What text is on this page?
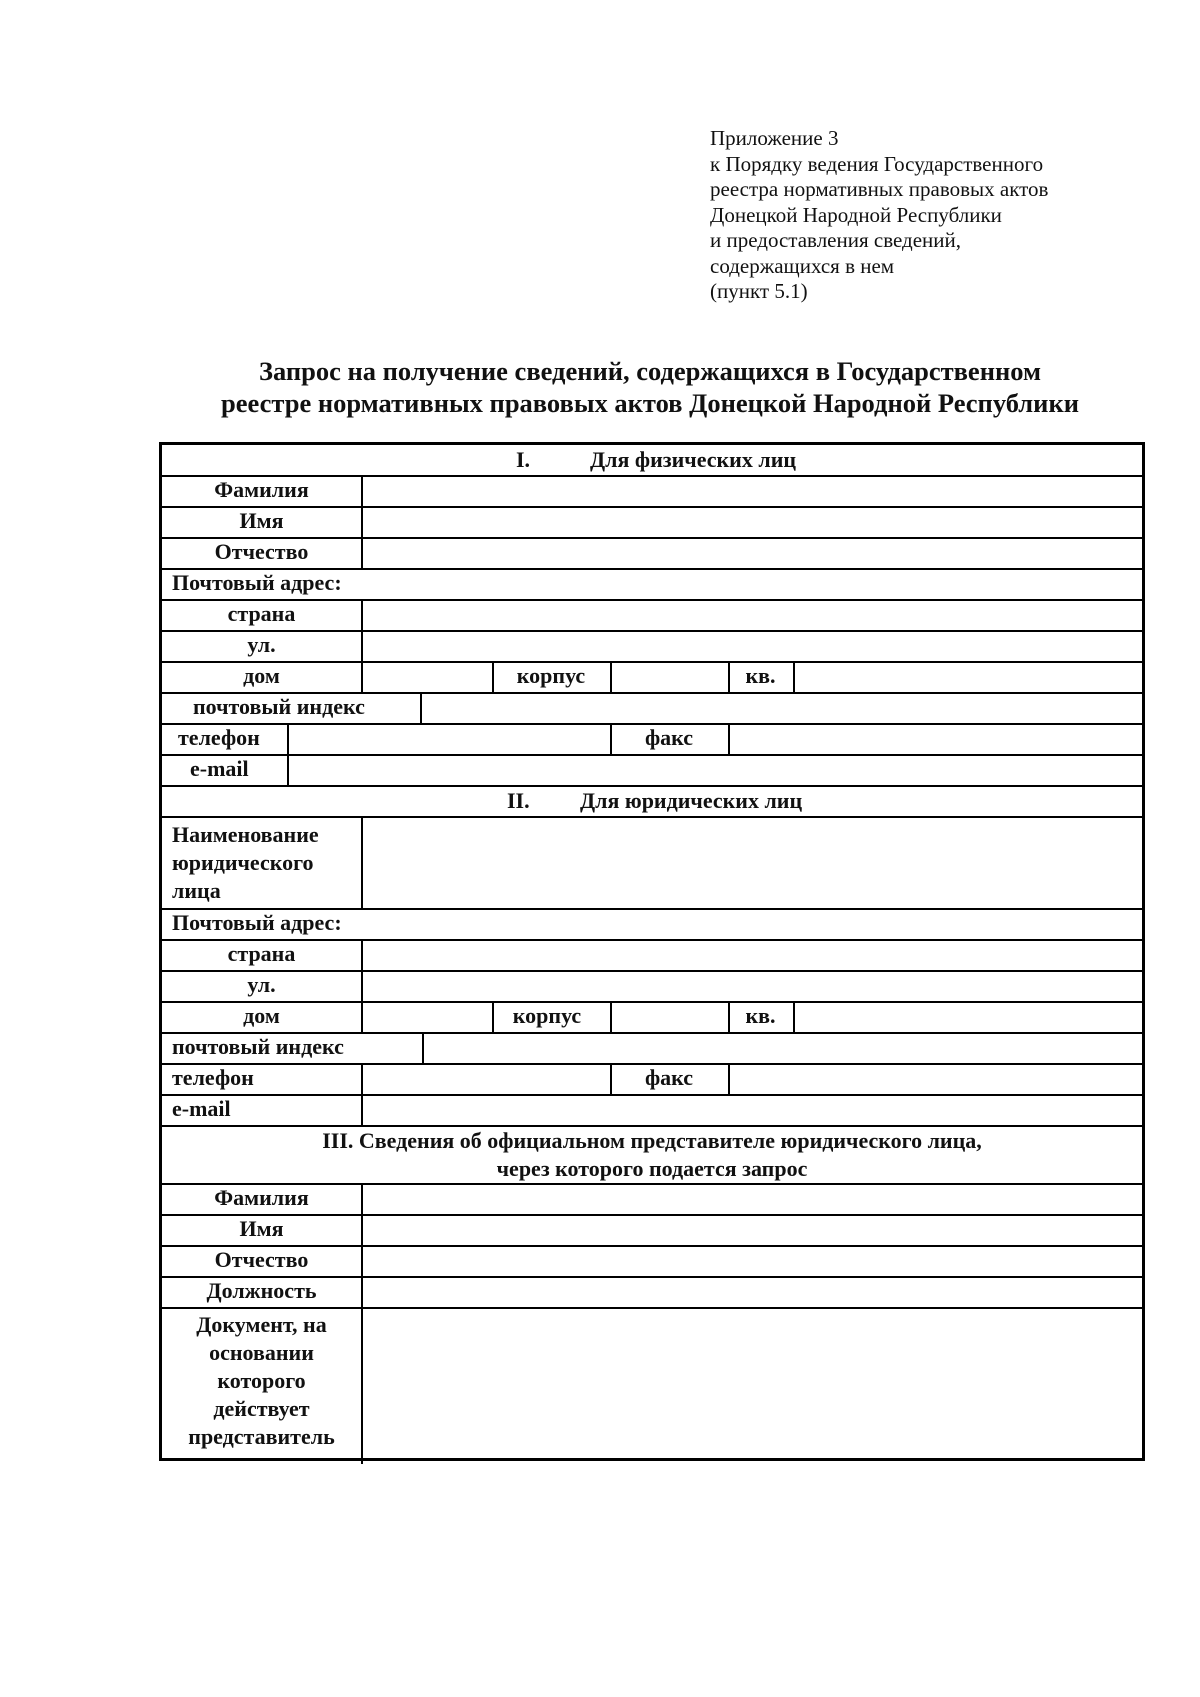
Приложение 3
к Порядку ведения Государственного
реестра нормативных правовых актов
Донецкой Народной Республики
и предоставления сведений,
содержащихся в нем
(пункт 5.1)
Запрос на получение сведений, содержащихся в Государственном
реестре нормативных правовых актов Донецкой Народной Республики
I.	Для физических лиц
Фамилия
Имя
Отчество
Почтовый адрес:
страна
ул.
дом	корпус	кв.
почтовый индекс
телефон	факс
e-mail
II. Для юридических лиц
Наименование юридического лица
Почтовый адрес:
страна
ул.
дом	корпус	кв.
почтовый индекс
телефон	факс
e-mail
III. Сведения об официальном представителе юридического лица,
через которого подается запрос
Фамилия
Имя
Отчество
Должность
Документ, на основании которого действует представитель
